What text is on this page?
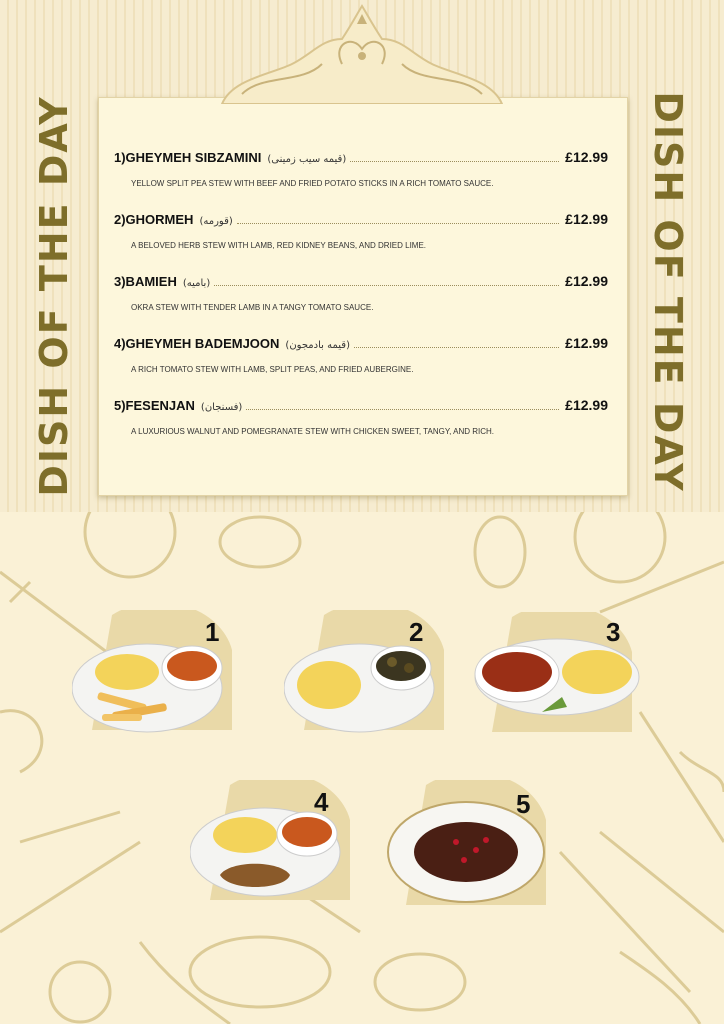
DISH OF THE DAY	DISH OF THE DAY
1)GHEYMEH SIBZAMINI (قیمه سیب زمینی)	£12.99
YELLOW SPLIT PEA STEW WITH BEEF AND FRIED POTATO STICKS IN A RICH TOMATO SAUCE.
2)GHORMEH (قورمه)	£12.99
A BELOVED HERB STEW WITH LAMB, RED KIDNEY BEANS, AND DRIED LIME.
3)BAMIEH (بامیه)	£12.99
OKRA STEW WITH TENDER LAMB IN A TANGY TOMATO SAUCE.
4)GHEYMEH BADEMJOON (قیمه بادمجون)	£12.99
A RICH TOMATO STEW WITH LAMB, SPLIT PEAS, AND FRIED AUBERGINE.
5)FESENJAN (فسنجان)	£12.99
A LUXURIOUS WALNUT AND POMEGRANATE STEW WITH CHICKEN SWEET, TANGY, AND RICH.
1	2	3
4	5
